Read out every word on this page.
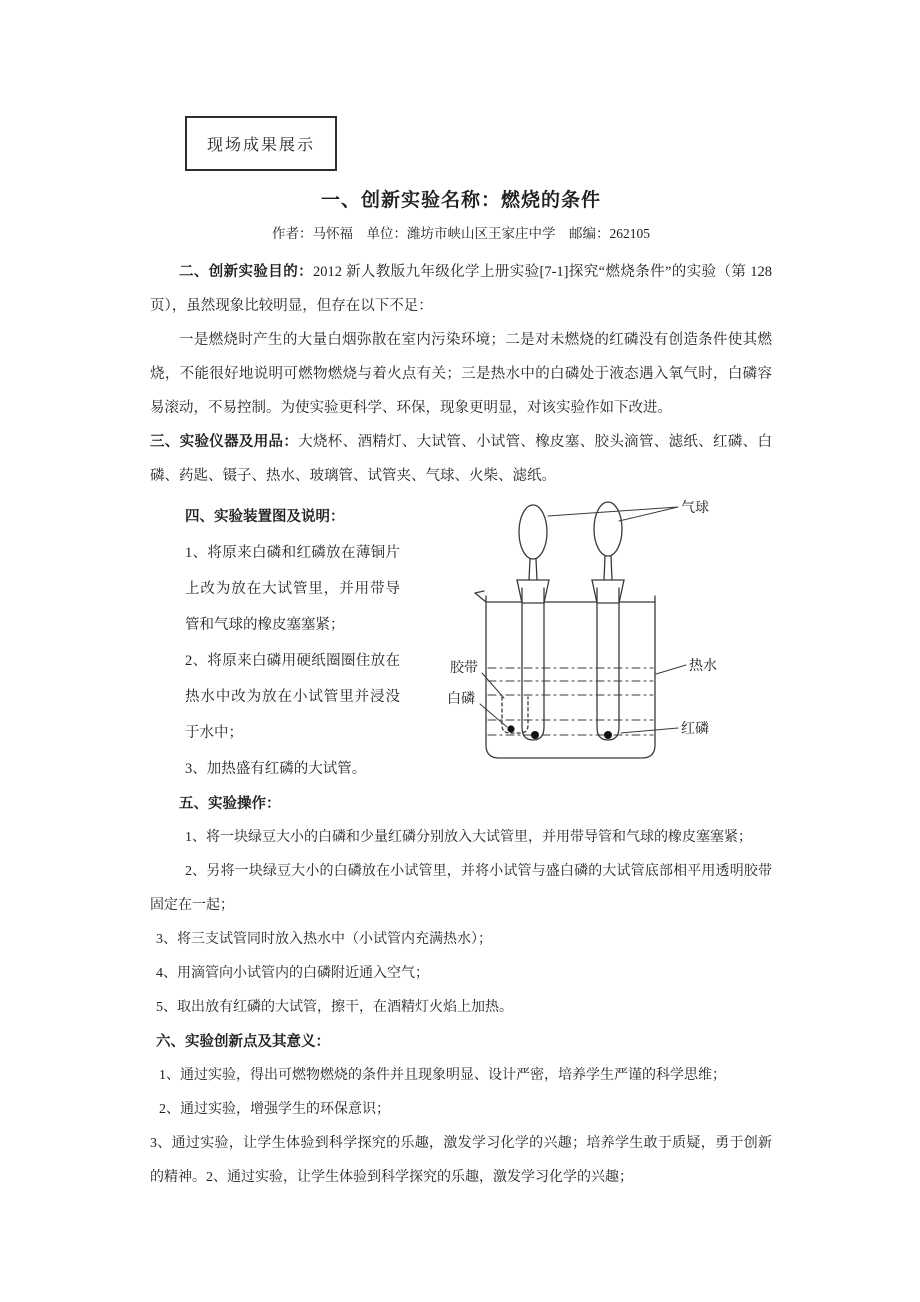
现场成果展示
一、创新实验名称：燃烧的条件
作者：马怀福　单位：潍坊市峡山区王家庄中学　邮编：262105

二、创新实验目的：2012 新人教版九年级化学上册实验[7-1]探究“燃烧条件”的实验（第 128 页），虽然现象比较明显，但存在以下不足：

一是燃烧时产生的大量白烟弥散在室内污染环境；二是对未燃烧的红磷没有创造条件使其燃烧，不能很好地说明可燃物燃烧与着火点有关；三是热水中的白磷处于液态遇入氧气时，白磷容易滚动，不易控制。为使实验更科学、环保，现象更明显，对该实验作如下改进。

三、实验仪器及用品：大烧杯、酒精灯、大试管、小试管、橡皮塞、胶头滴管、滤纸、红磷、白磷、药匙、镊子、热水、玻璃管、试管夹、气球、火柴、滤纸。

四、实验装置图及说明：

1、将原来白磷和红磷放在薄铜片上改为放在大试管里，并用带导管和气球的橡皮塞塞紧；

2、将原来白磷用硬纸圈圈住放在热水中改为放在小试管里并浸没于水中；

3、加热盛有红磷的大试管。

气球
热水
红磷
胶带
白磷

五、实验操作：

1、将一块绿豆大小的白磷和少量红磷分别放入大试管里，并用带导管和气球的橡皮塞塞紧；

2、另将一块绿豆大小的白磷放在小试管里，并将小试管与盛白磷的大试管底部相平用透明胶带固定在一起；

3、将三支试管同时放入热水中（小试管内充满热水）；

4、用滴管向小试管内的白磷附近通入空气；

5、取出放有红磷的大试管，擦干，在酒精灯火焰上加热。

六、实验创新点及其意义：

1、通过实验，得出可燃物燃烧的条件并且现象明显、设计严密，培养学生严谨的科学思维；

2、通过实验，增强学生的环保意识；

3、通过实验，让学生体验到科学探究的乐趣，激发学习化学的兴趣；培养学生敢于质疑，勇于创新的精神。2、通过实验，让学生体验到科学探究的乐趣，激发学习化学的兴趣；
